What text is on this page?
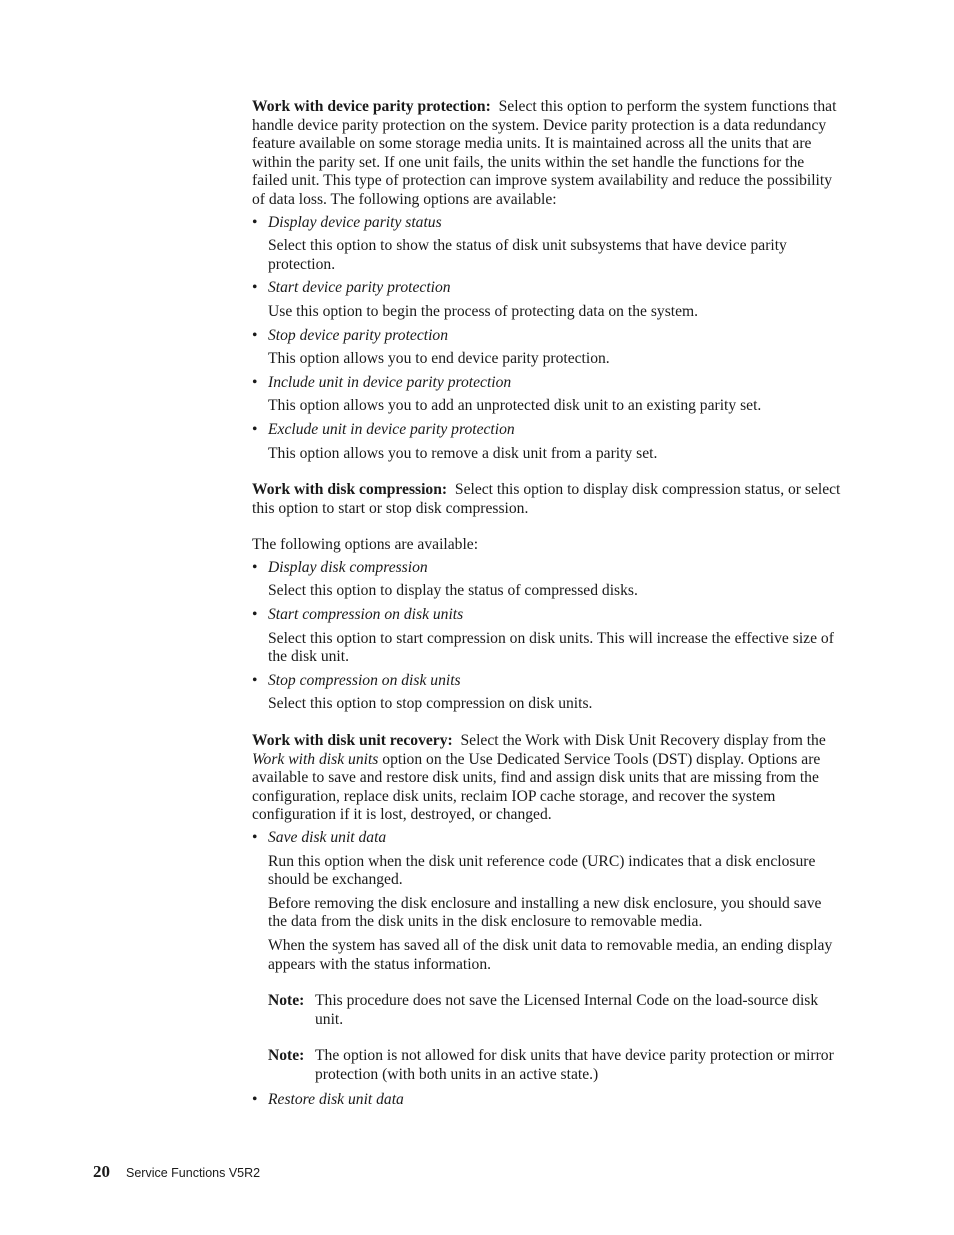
Work with device parity protection: Select this option to perform the system functions that handle device parity protection on the system. Device parity protection is a data redundancy feature available on some storage media units. It is maintained across all the units that are within the parity set. If one unit fails, the units within the set handle the functions for the failed unit. This type of protection can improve system availability and reduce the possibility of data loss. The following options are available:

• Display device parity status

Select this option to show the status of disk unit subsystems that have device parity protection.

• Start device parity protection

Use this option to begin the process of protecting data on the system.

• Stop device parity protection

This option allows you to end device parity protection.

• Include unit in device parity protection

This option allows you to add an unprotected disk unit to an existing parity set.

• Exclude unit in device parity protection

This option allows you to remove a disk unit from a parity set.

Work with disk compression: Select this option to display disk compression status, or select this option to start or stop disk compression.

The following options are available:

• Display disk compression

Select this option to display the status of compressed disks.

• Start compression on disk units

Select this option to start compression on disk units. This will increase the effective size of the disk unit.

• Stop compression on disk units

Select this option to stop compression on disk units.

Work with disk unit recovery: Select the Work with Disk Unit Recovery display from the Work with disk units option on the Use Dedicated Service Tools (DST) display. Options are available to save and restore disk units, find and assign disk units that are missing from the configuration, replace disk units, reclaim IOP cache storage, and recover the system configuration if it is lost, destroyed, or changed.

• Save disk unit data

Run this option when the disk unit reference code (URC) indicates that a disk enclosure should be exchanged.

Before removing the disk enclosure and installing a new disk enclosure, you should save the data from the disk units in the disk enclosure to removable media.

When the system has saved all of the disk unit data to removable media, an ending display appears with the status information.

Note: This procedure does not save the Licensed Internal Code on the load-source disk unit.
Note: The option is not allowed for disk units that have device parity protection or mirror protection (with both units in an active state.)
• Restore disk unit data
20 Service Functions V5R2
